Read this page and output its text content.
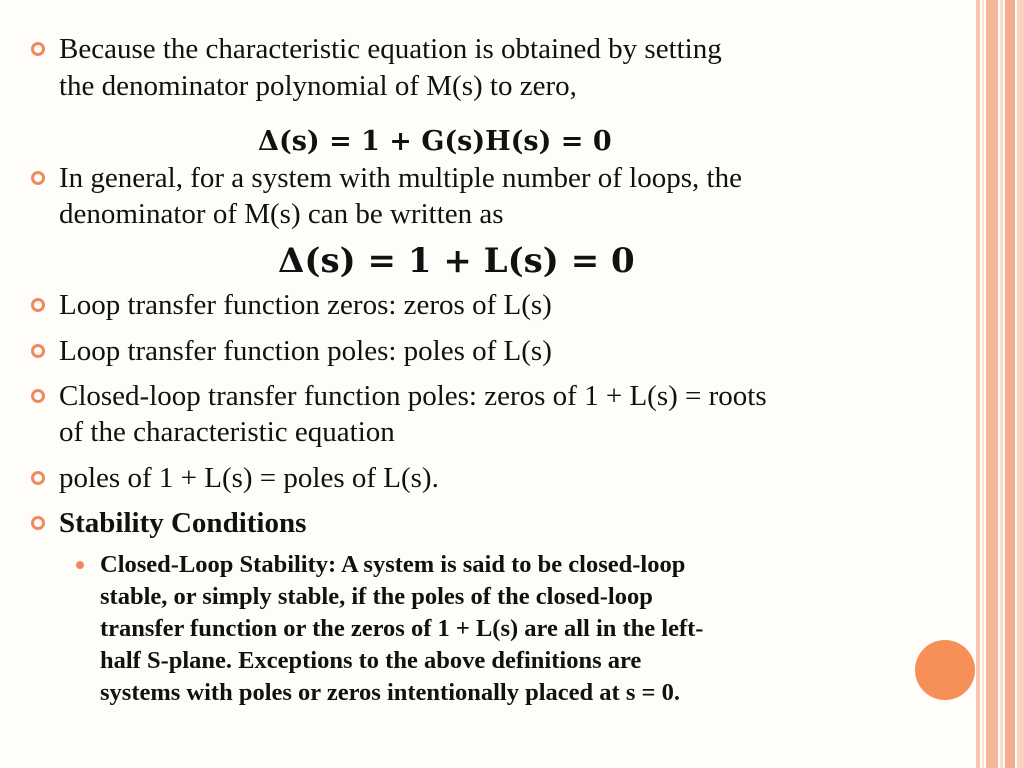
Because the characteristic equation is obtained by setting
the denominator polynomial of M(s) to zero,
Δ(s) = 1 + G(s)H(s) = 0
In general, for a system with multiple number of loops, the
denominator of M(s) can be written as
Δ(s) = 1 + L(s) = 0
Loop transfer function zeros: zeros of L(s)
Loop transfer function poles: poles of L(s)
Closed-loop transfer function poles: zeros of 1 + L(s) = roots
of the characteristic equation
poles of 1 + L(s) = poles of L(s).
Stability Conditions
Closed-Loop Stability: A system is said to be closed-loop
stable, or simply stable, if the poles of the closed-loop
transfer function or the zeros of 1 + L(s) are all in the left-
half S-plane. Exceptions to the above definitions are
systems with poles or zeros intentionally placed at s = 0.
